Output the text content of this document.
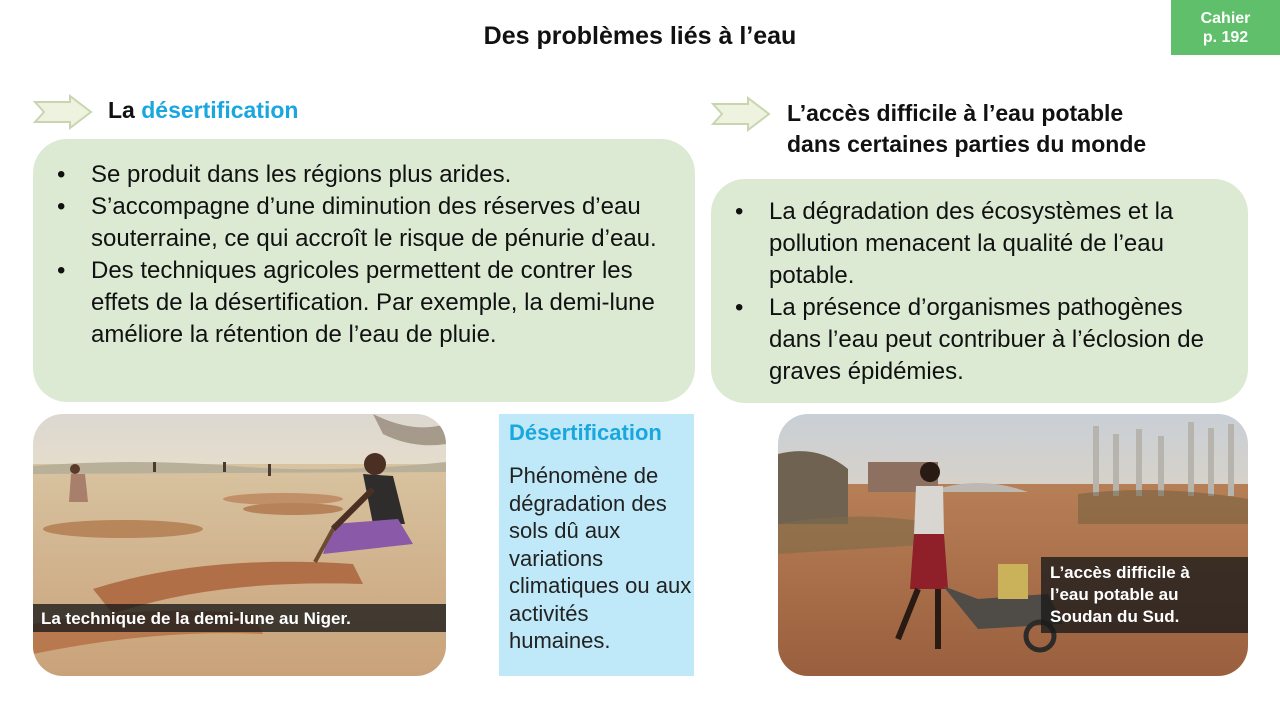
Des problèmes liés à l’eau
Cahier
p. 192
La désertification
• Se produit dans les régions plus arides.
• S’accompagne d’une diminution des réserves d’eau souterraine, ce qui accroît le risque de pénurie d’eau.
• Des techniques agricoles permettent de contrer les effets de la désertification. Par exemple, la demi-lune améliore la rétention de l’eau de pluie.
La technique de la demi-lune au Niger.
Désertification
Phénomène de dégradation des sols dû aux variations climatiques ou aux activités humaines.
L’accès difficile à l’eau potable
dans certaines parties du monde
• La dégradation des écosystèmes et la pollution menacent la qualité de l’eau potable.
• La présence d’organismes pathogènes dans l’eau peut contribuer à l’éclosion de graves épidémies.
L’accès difficile à
l’eau potable au
Soudan du Sud.
